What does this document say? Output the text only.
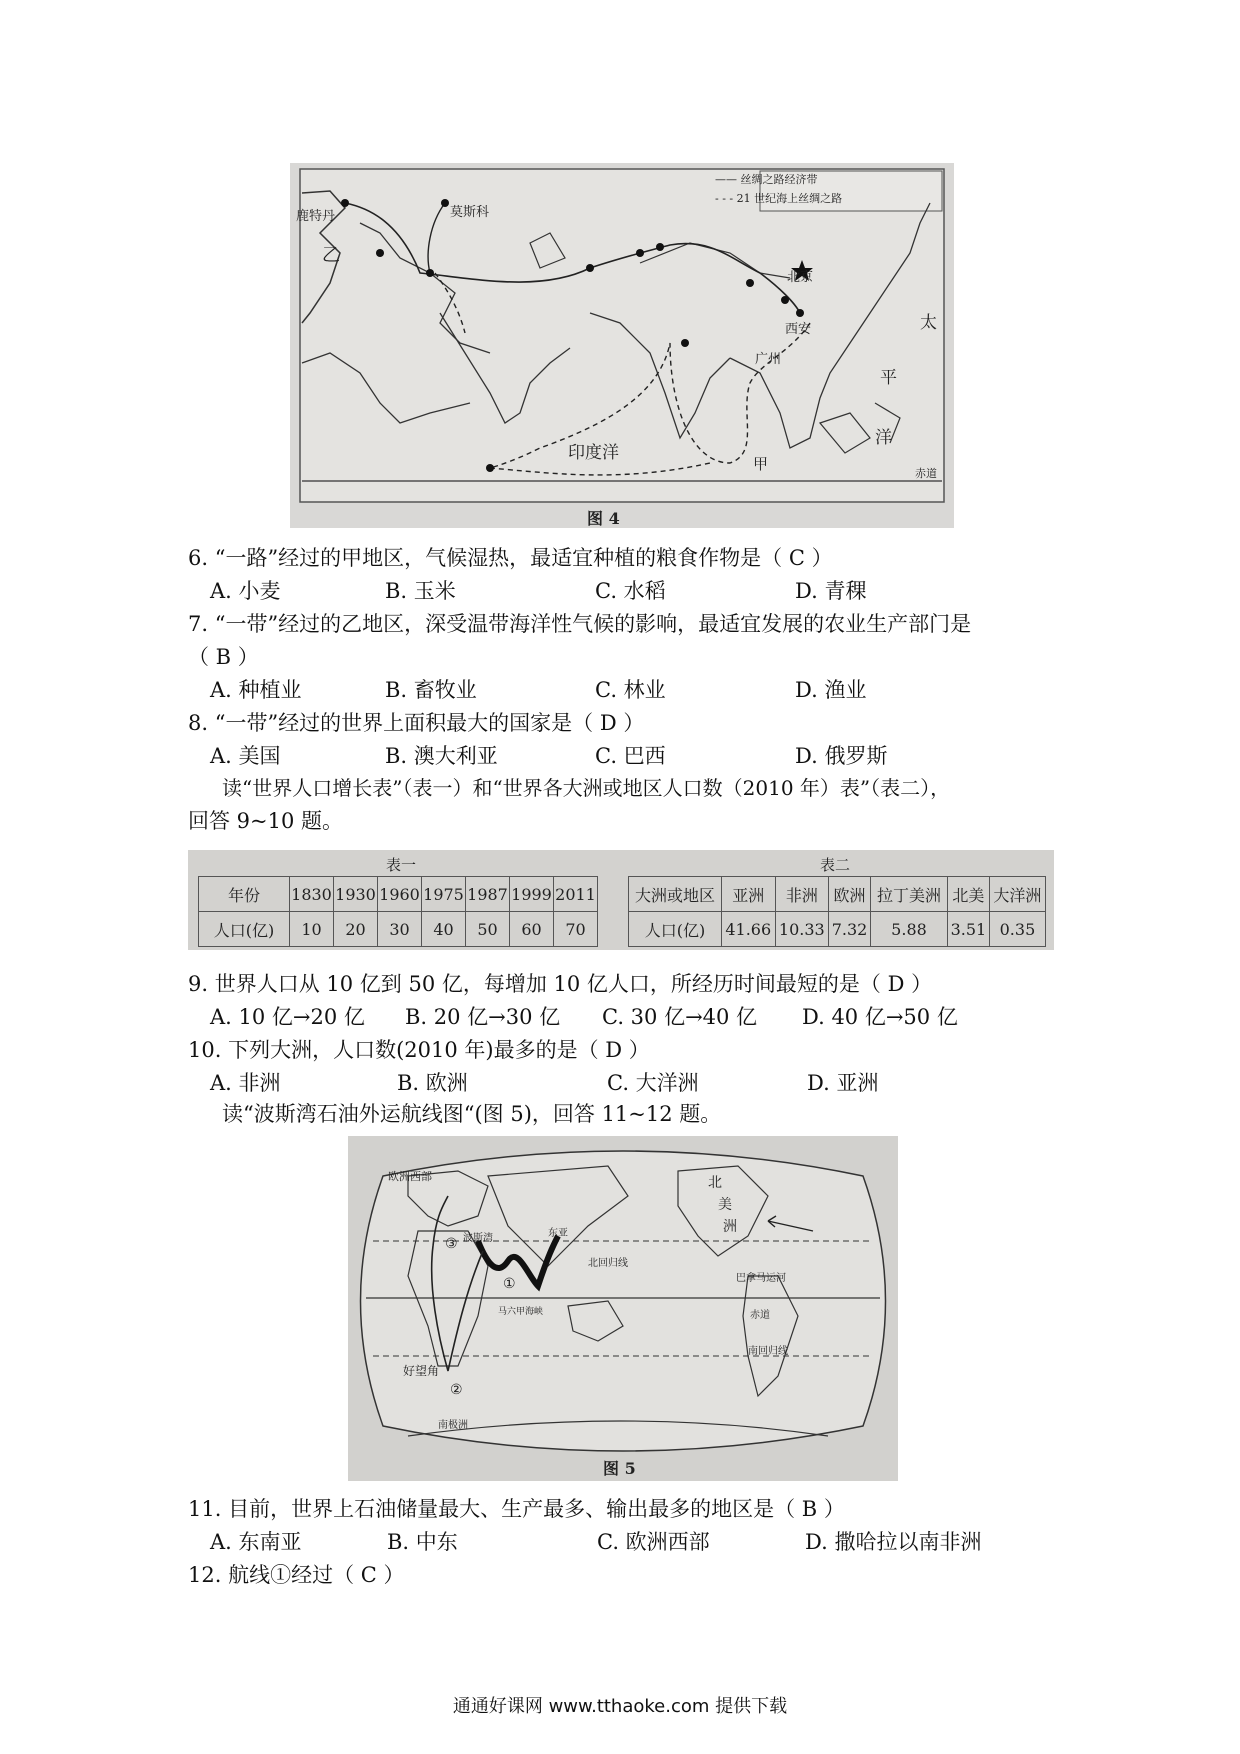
—— 丝绸之路经济带
- - - 21 世纪海上丝绸之路
鹿特丹	莫斯科
乙
北京
西安
广州
甲
印度洋
太
平
洋
赤道
图 4
6. “一路”经过的甲地区，气候湿热，最适宜种植的粮食作物是（ C ）
A. 小麦	B. 玉米	C. 水稻	D. 青稞
7. “一带”经过的乙地区，深受温带海洋性气候的影响，最适宜发展的农业生产部门是
（ B ）
A. 种植业	B. 畜牧业	C. 林业	D. 渔业
8. “一带”经过的世界上面积最大的国家是（ D ）
A. 美国	B. 澳大利亚	C. 巴西	D. 俄罗斯
读“世界人口增长表”（表一）和“世界各大洲或地区人口数（2010 年）表”（表二），
回答 9~10 题。
表一	表二
年份	1830	1930	1960	1975	1987	1999	2011
人口(亿)	10	20	30	40	50	60	70
大洲或地区	亚洲	非洲	欧洲	拉丁美洲	北美	大洋洲
人口(亿)	41.66	10.33	7.32	5.88	3.51	0.35
9. 世界人口从 10 亿到 50 亿，每增加 10 亿人口，所经历时间最短的是（ D ）
A. 10 亿→20 亿 B. 20 亿→30 亿 C. 30 亿→40 亿 D. 40 亿→50 亿
10. 下列大洲，人口数(2010 年)最多的是（ D ）
A. 非洲	B. 欧洲	C. 大洋洲	D. 亚洲
读“波斯湾石油外运航线图“(图 5)，回答 11~12 题。
欧洲西部
波斯湾	东亚
北回归线
北
美
洲
巴拿马运河
赤道
南回归线
好望角
马六甲海峡
南极洲
①
②
③
图 5
11. 目前，世界上石油储量最大、生产最多、输出最多的地区是（ B ）
A. 东南亚	B. 中东	C. 欧洲西部	D. 撒哈拉以南非洲
12. 航线①经过（ C ）
通通好课网 www.tthaoke.com 提供下载
